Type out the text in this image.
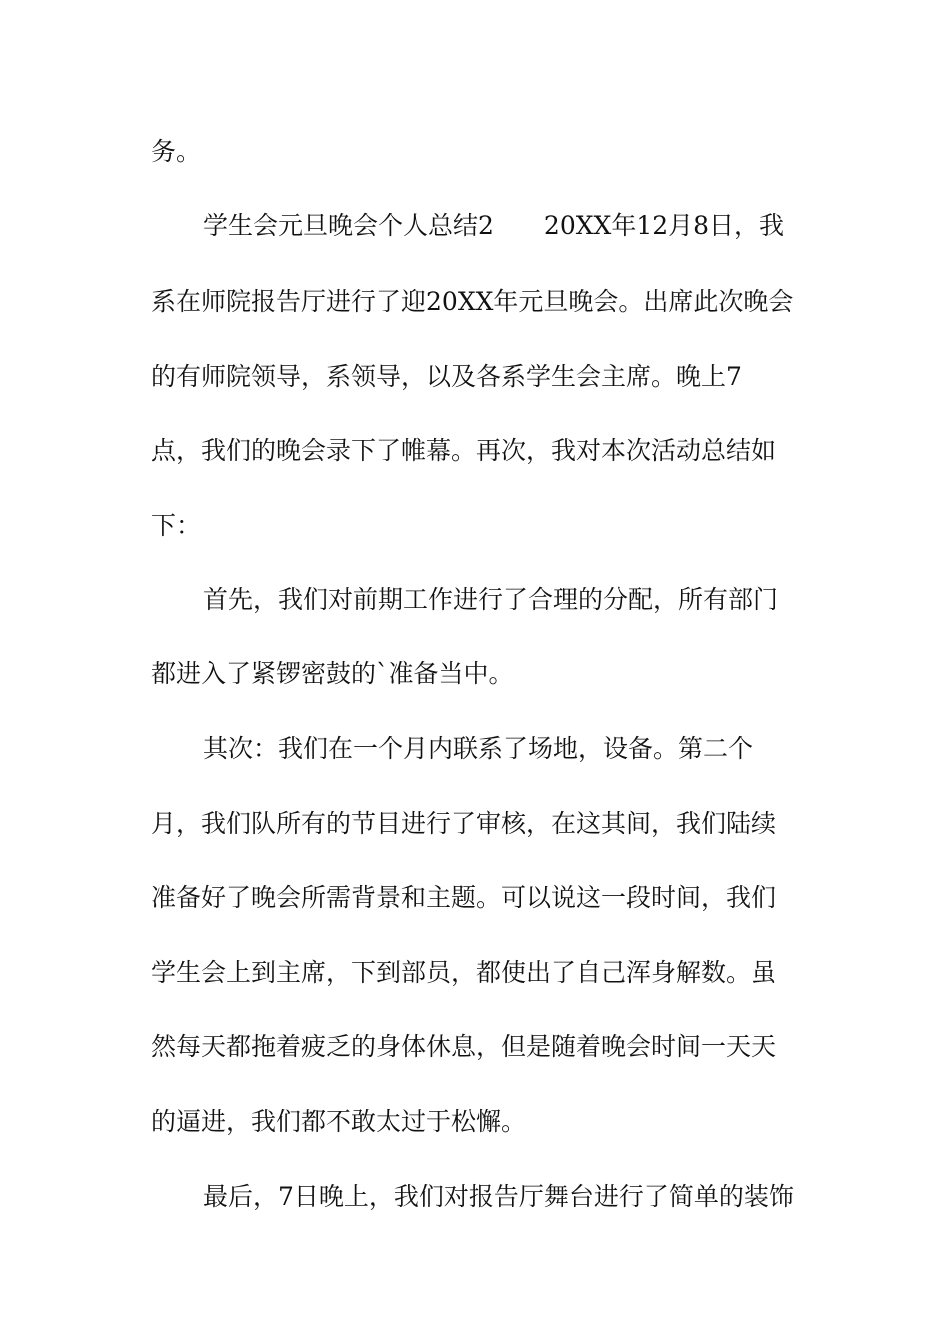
务。
学生会元旦晚会个人总结2　　20XX年12月8日，我
系在师院报告厅进行了迎20XX年元旦晚会。出席此次晚会
的有师院领导，系领导，以及各系学生会主席。晚上7
点，我们的晚会录下了帷幕。再次，我对本次活动总结如
下：
首先，我们对前期工作进行了合理的分配，所有部门
都进入了紧锣密鼓的`准备当中。
其次：我们在一个月内联系了场地，设备。第二个
月，我们队所有的节目进行了审核，在这其间，我们陆续
准备好了晚会所需背景和主题。可以说这一段时间，我们
学生会上到主席，下到部员，都使出了自己浑身解数。虽
然每天都拖着疲乏的身体休息，但是随着晚会时间一天天
的逼进，我们都不敢太过于松懈。
最后，7日晚上，我们对报告厅舞台进行了简单的装饰
